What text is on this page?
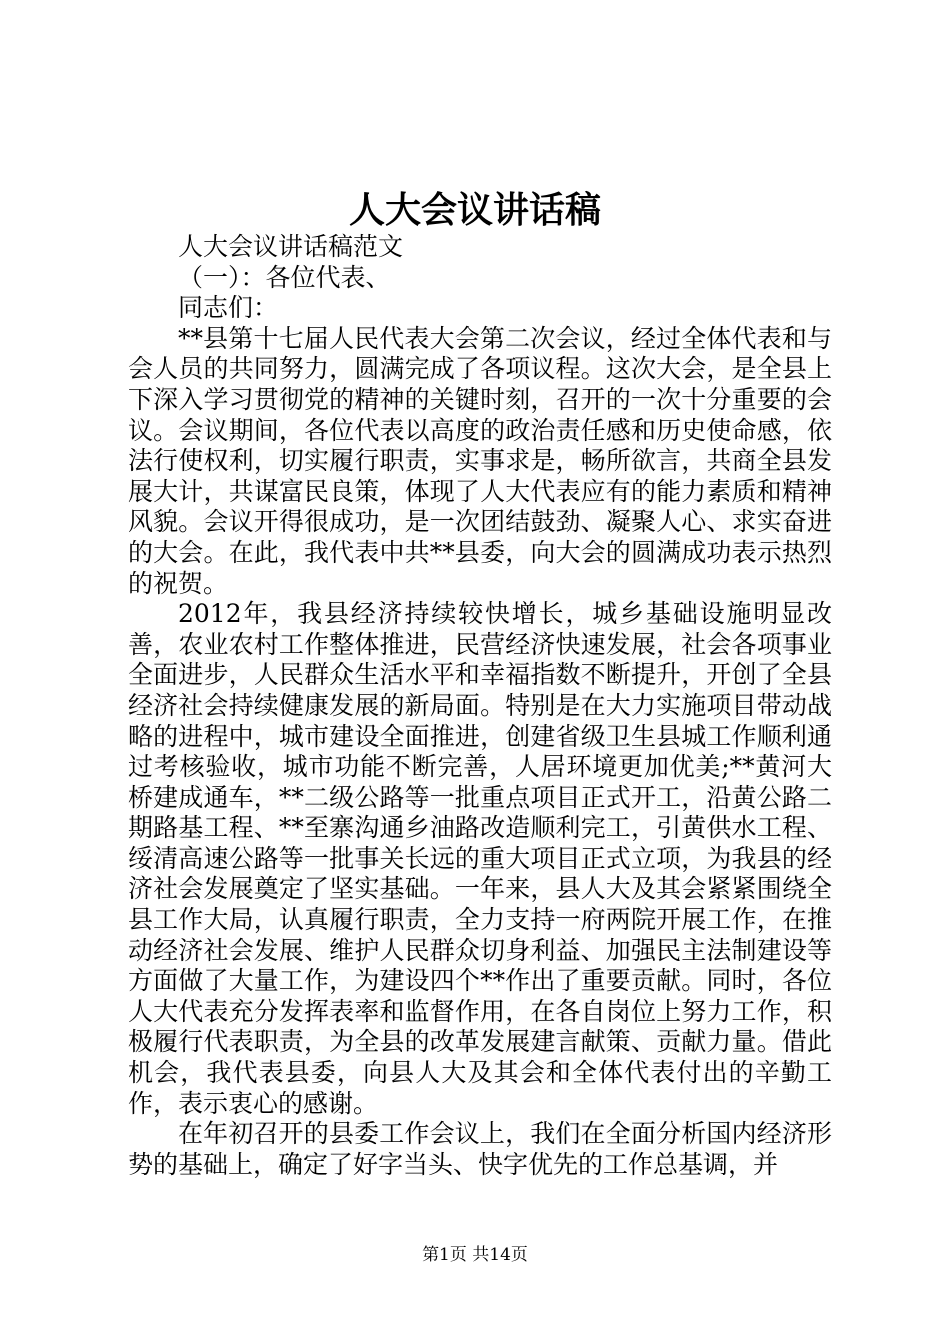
人大会议讲话稿

人大会议讲话稿范文

（一）：各位代表、

同志们：

**县第十七届人民代表大会第二次会议，经过全体代表和与会人员的共同努力，圆满完成了各项议程。这次大会，是全县上下深入学习贯彻党的精神的关键时刻，召开的一次十分重要的会议。会议期间，各位代表以高度的政治责任感和历史使命感，依法行使权利，切实履行职责，实事求是，畅所欲言，共商全县发展大计，共谋富民良策，体现了人大代表应有的能力素质和精神风貌。会议开得很成功，是一次团结鼓劲、凝聚人心、求实奋进的大会。在此，我代表中共**县委，向大会的圆满成功表示热烈的祝贺。

2012年，我县经济持续较快增长，城乡基础设施明显改善，农业农村工作整体推进，民营经济快速发展，社会各项事业全面进步，人民群众生活水平和幸福指数不断提升，开创了全县经济社会持续健康发展的新局面。特别是在大力实施项目带动战略的进程中，城市建设全面推进，创建省级卫生县城工作顺利通过考核验收，城市功能不断完善，人居环境更加优美;**黄河大桥建成通车，**二级公路等一批重点项目正式开工，沿黄公路二期路基工程、**至寨沟通乡油路改造顺利完工，引黄供水工程、绥清高速公路等一批事关长远的重大项目正式立项，为我县的经济社会发展奠定了坚实基础。一年来，县人大及其会紧紧围绕全县工作大局，认真履行职责，全力支持一府两院开展工作，在推动经济社会发展、维护人民群众切身利益、加强民主法制建设等方面做了大量工作，为建设四个**作出了重要贡献。同时，各位人大代表充分发挥表率和监督作用，在各自岗位上努力工作，积极履行代表职责，为全县的改革发展建言献策、贡献力量。借此机会，我代表县委，向县人大及其会和全体代表付出的辛勤工作，表示衷心的感谢。

在年初召开的县委工作会议上，我们在全面分析国内经济形势的基础上，确定了好字当头、快字优先的工作总基调，并

第1页 共14页
